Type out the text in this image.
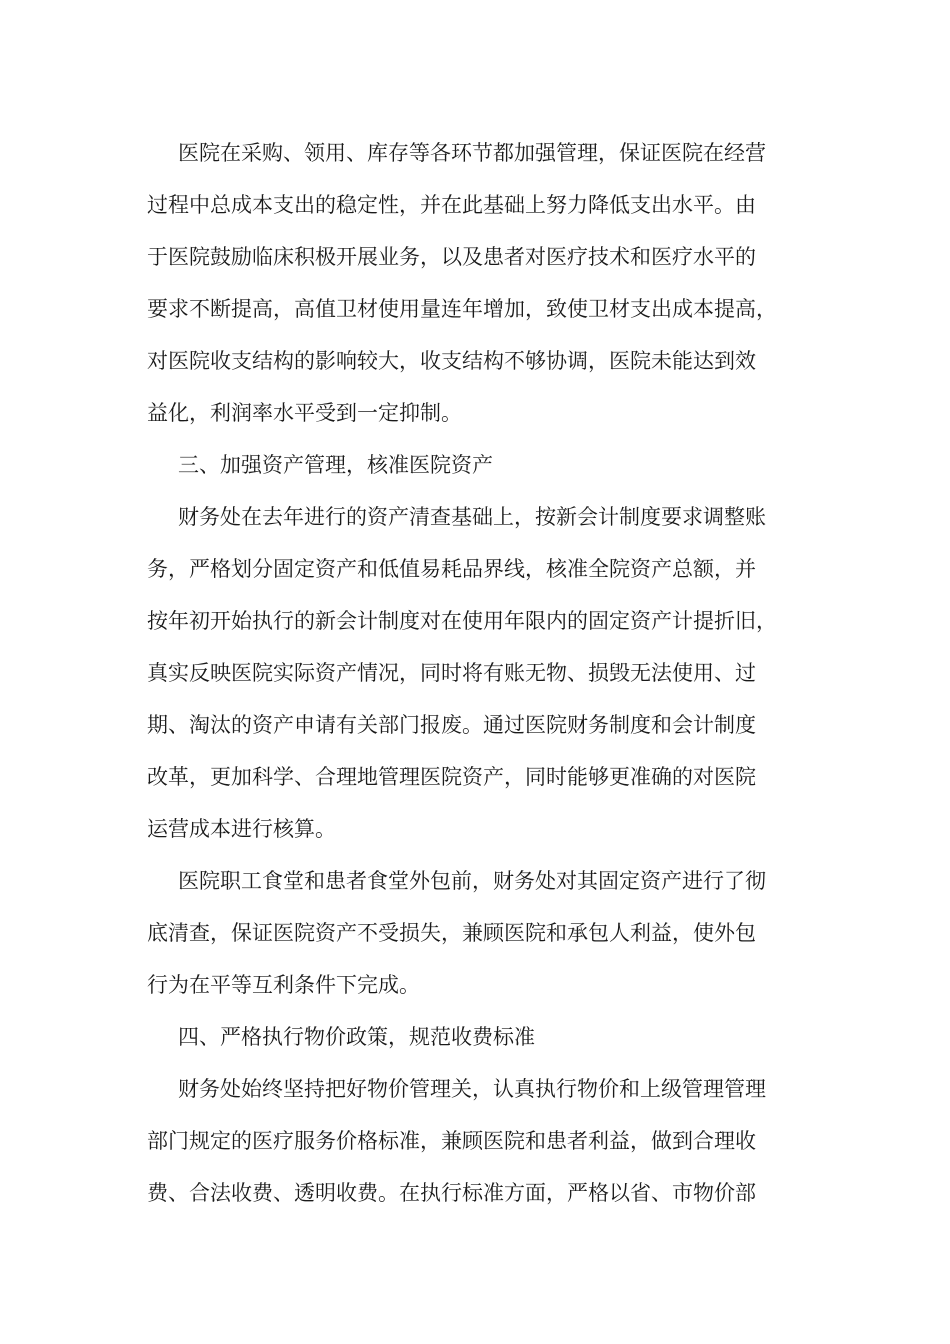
医院在采购、领用、库存等各环节都加强管理，保证医院在经营

过程中总成本支出的稳定性，并在此基础上努力降低支出水平。由

于医院鼓励临床积极开展业务，以及患者对医疗技术和医疗水平的

要求不断提高，高值卫材使用量连年增加，致使卫材支出成本提高，

对医院收支结构的影响较大，收支结构不够协调，医院未能达到效

益化，利润率水平受到一定抑制。

三、加强资产管理，核准医院资产

财务处在去年进行的资产清查基础上，按新会计制度要求调整账

务，严格划分固定资产和低值易耗品界线，核准全院资产总额，并

按年初开始执行的新会计制度对在使用年限内的固定资产计提折旧，

真实反映医院实际资产情况，同时将有账无物、损毁无法使用、过

期、淘汰的资产申请有关部门报废。通过医院财务制度和会计制度

改革，更加科学、合理地管理医院资产，同时能够更准确的对医院

运营成本进行核算。

医院职工食堂和患者食堂外包前，财务处对其固定资产进行了彻

底清查，保证医院资产不受损失，兼顾医院和承包人利益，使外包

行为在平等互利条件下完成。

四、严格执行物价政策，规范收费标准

财务处始终坚持把好物价管理关，认真执行物价和上级管理管理

部门规定的医疗服务价格标准，兼顾医院和患者利益，做到合理收

费、合法收费、透明收费。在执行标准方面，严格以省、市物价部
